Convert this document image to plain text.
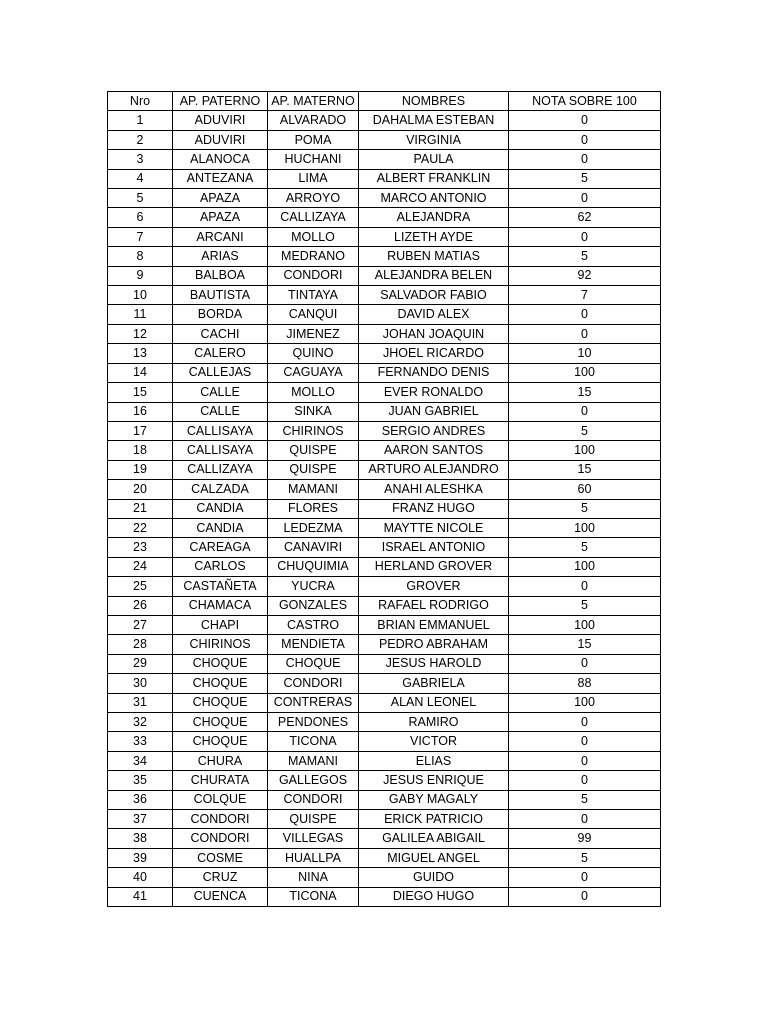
Nro	AP. PATERNO	AP. MATERNO	NOMBRES	NOTA SOBRE 100
1	ADUVIRI	ALVARADO	DAHALMA ESTEBAN	0
2	ADUVIRI	POMA	VIRGINIA	0
3	ALANOCA	HUCHANI	PAULA	0
4	ANTEZANA	LIMA	ALBERT FRANKLIN	5
5	APAZA	ARROYO	MARCO ANTONIO	0
6	APAZA	CALLIZAYA	ALEJANDRA	62
7	ARCANI	MOLLO	LIZETH AYDE	0
8	ARIAS	MEDRANO	RUBEN MATIAS	5
9	BALBOA	CONDORI	ALEJANDRA BELEN	92
10	BAUTISTA	TINTAYA	SALVADOR FABIO	7
11	BORDA	CANQUI	DAVID ALEX	0
12	CACHI	JIMENEZ	JOHAN JOAQUIN	0
13	CALERO	QUINO	JHOEL RICARDO	10
14	CALLEJAS	CAGUAYA	FERNANDO DENIS	100
15	CALLE	MOLLO	EVER RONALDO	15
16	CALLE	SINKA	JUAN GABRIEL	0
17	CALLISAYA	CHIRINOS	SERGIO ANDRES	5
18	CALLISAYA	QUISPE	AARON SANTOS	100
19	CALLIZAYA	QUISPE	ARTURO ALEJANDRO	15
20	CALZADA	MAMANI	ANAHI ALESHKA	60
21	CANDIA	FLORES	FRANZ HUGO	5
22	CANDIA	LEDEZMA	MAYTTE NICOLE	100
23	CAREAGA	CANAVIRI	ISRAEL ANTONIO	5
24	CARLOS	CHUQUIMIA	HERLAND GROVER	100
25	CASTAÑETA	YUCRA	GROVER	0
26	CHAMACA	GONZALES	RAFAEL RODRIGO	5
27	CHAPI	CASTRO	BRIAN EMMANUEL	100
28	CHIRINOS	MENDIETA	PEDRO ABRAHAM	15
29	CHOQUE	CHOQUE	JESUS HAROLD	0
30	CHOQUE	CONDORI	GABRIELA	88
31	CHOQUE	CONTRERAS	ALAN LEONEL	100
32	CHOQUE	PENDONES	RAMIRO	0
33	CHOQUE	TICONA	VICTOR	0
34	CHURA	MAMANI	ELIAS	0
35	CHURATA	GALLEGOS	JESUS ENRIQUE	0
36	COLQUE	CONDORI	GABY MAGALY	5
37	CONDORI	QUISPE	ERICK PATRICIO	0
38	CONDORI	VILLEGAS	GALILEA ABIGAIL	99
39	COSME	HUALLPA	MIGUEL ANGEL	5
40	CRUZ	NINA	GUIDO	0
41	CUENCA	TICONA	DIEGO HUGO	0
